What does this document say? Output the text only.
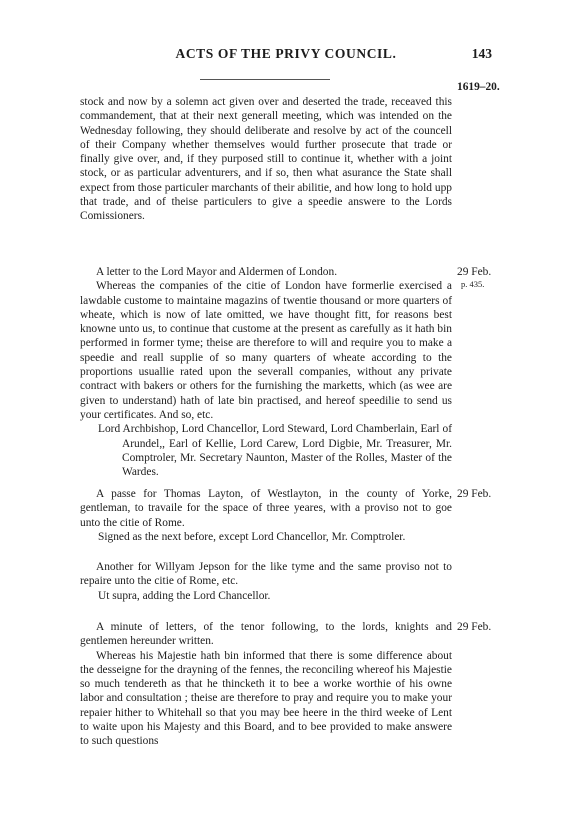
ACTS OF THE PRIVY COUNCIL.	143
1619–20.

stock and now by a solemn act given over and deserted the trade, receaved this commandement, that at their next generall meeting, which was intended on the Wednesday following, they should deliberate and resolve by act of the councell of their Company whether themselves would further prosecute that trade or finally give over, and, if they purposed still to continue it, whether with a joint stock, or as particular adventurers, and if so, then what asurance the State shall expect from those particuler marchants of their abilitie, and how long to hold upp that trade, and of theise particulers to give a speedie answere to the Lords Comissioners.

29 Feb.
p. 435.

A letter to the Lord Mayor and Aldermen of London.

Whereas the companies of the citie of London have formerlie exercised a lawdable custome to maintaine magazins of twentie thousand or more quarters of wheate, which is now of late omitted, we have thought fitt, for reasons best knowne unto us, to continue that custome at the present as carefully as it hath bin performed in former tyme; theise are therefore to will and require you to make a speedie and reall supplie of so many quarters of wheate according to the proportions usuallie rated upon the severall companies, without any private contract with bakers or others for the furnishing the marketts, which (as wee are given to understand) hath of late bin practised, and hereof speedilie to send us your certificates. And so, etc.

Lord Archbishop, Lord Chancellor, Lord Steward, Lord Chamberlain, Earl of Arundel,, Earl of Kellie, Lord Carew, Lord Digbie, Mr. Treasurer, Mr. Comptroler, Mr. Secretary Naunton, Master of the Rolles, Master of the Wardes.

29 Feb.

A passe for Thomas Layton, of Westlayton, in the county of Yorke, gentleman, to travaile for the space of three yeares, with a proviso not to goe unto the citie of Rome.

Signed as the next before, except Lord Chancellor, Mr. Comptroler.

Another for Willyam Jepson for the like tyme and the same proviso not to repaire unto the citie of Rome, etc.

Ut supra, adding the Lord Chancellor.

29 Feb.

A minute of letters, of the tenor following, to the lords, knights and gentlemen hereunder written.

Whereas his Majestie hath bin informed that there is some difference about the desseigne for the drayning of the fennes, the reconciling whereof his Majestie so much tendereth as that he thincketh it to bee a worke worthie of his owne labor and consultation ; theise are therefore to pray and require you to make your repaier hither to Whitehall so that you may bee heere in the third weeke of Lent to waite upon his Majesty and this Board, and to bee provided to make answere to such questions
